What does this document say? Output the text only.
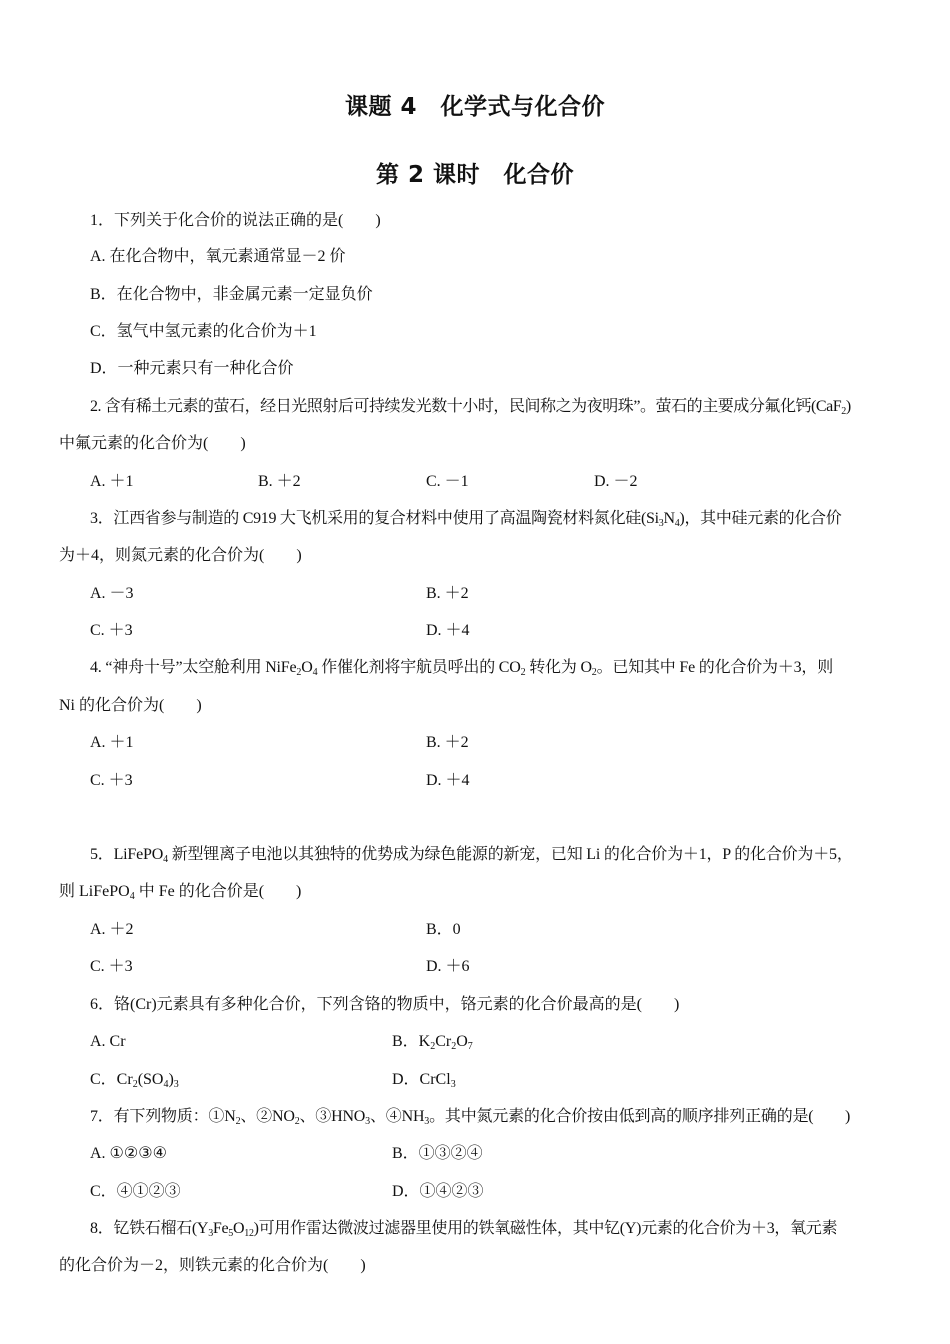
课题 4　化学式与化合价
第 2 课时　化合价
1．下列关于化合价的说法正确的是(　　)
A. 在化合物中，氧元素通常显－2 价
B．在化合物中，非金属元素一定显负价
C．氢气中氢元素的化合价为＋1
D．一种元素只有一种化合价
2. 含有稀土元素的萤石，经日光照射后可持续发光数十小时，民间称之为夜明珠”。萤石的主要成分氟化钙(CaF$_2$)
中氟元素的化合价为(　　)
A. ＋1	B. ＋2	C. －1	D. －2
3．江西省参与制造的 C919 大飞机采用的复合材料中使用了高温陶瓷材料氮化硅$(Si_3N_4)$，其中硅元素的化合价
为＋4，则氮元素的化合价为(　　)
A. －3	B. ＋2
C. ＋3	D. ＋4
4. “神舟十号”太空舱利用 $NiFe_2O_4$ 作催化剂将宇航员呼出的 $CO_2$ 转化为 $O_2$。已知其中 Fe 的化合价为＋3，则
Ni 的化合价为(　　)
A. ＋1	B. ＋2
C. ＋3	D. ＋4
5．LiFePO$_4$ 新型锂离子电池以其独特的优势成为绿色能源的新宠，已知 Li 的化合价为＋1，P 的化合价为＋5，
则 LiFePO$_4$ 中 Fe 的化合价是(　　)
A. ＋2	B．0
C. ＋3	D. ＋6
6．铬(Cr)元素具有多种化合价，下列含铬的物质中，铬元素的化合价最高的是(　　)
A. Cr	B．$K_2Cr_2O_7$
C．$Cr_2(SO_4)_3$	D．CrCl$_3$
7．有下列物质：$①N_2$、$②NO_2$、$③HNO_3$、$④NH_3$。其中氮元素的化合价按由低到高的顺序排列正确的是(　　)
A. ①②③④	B．①③②④
C．④①②③	D．①④②③
8．钇铁石榴石$(Y_3Fe_5O_{12})$可用作雷达微波过滤器里使用的铁氧磁性体，其中钇(Y)元素的化合价为＋3，氧元素
的化合价为－2，则铁元素的化合价为(　　)
